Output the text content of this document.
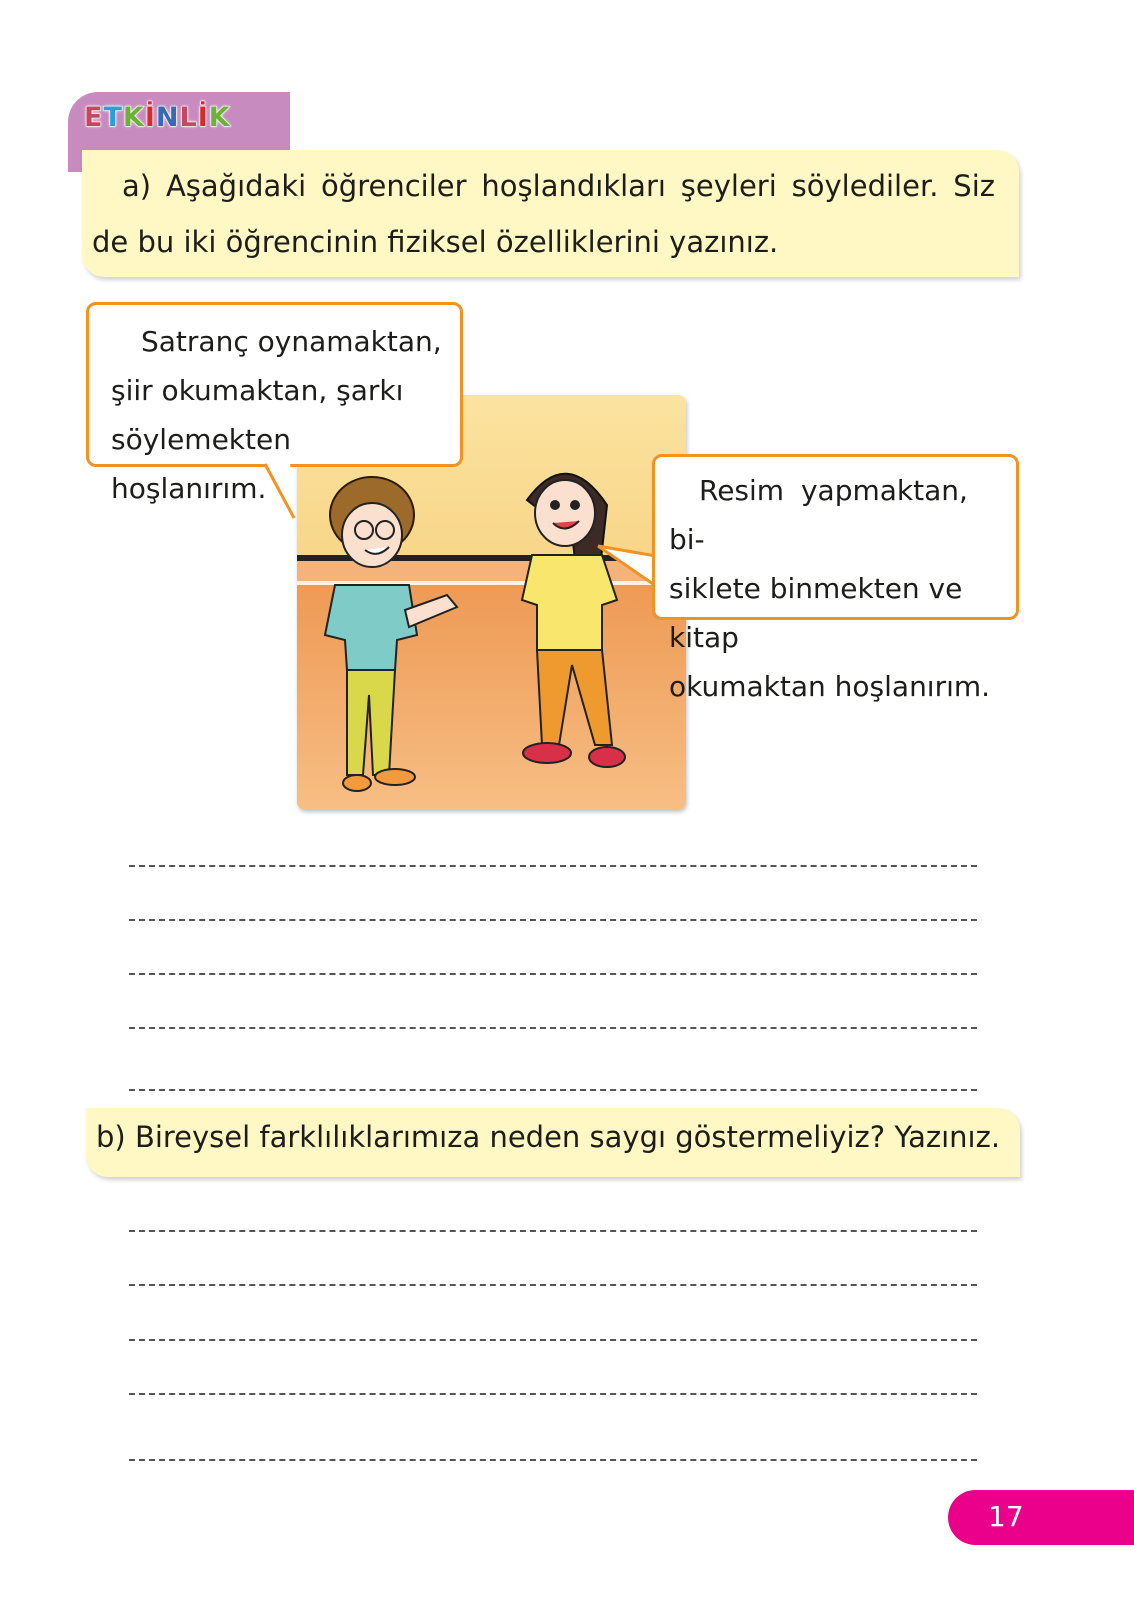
ETKİNLİK

a) Aşağıdaki öğrenciler hoşlandıkları şeyleri söylediler. Siz de bu iki öğrencinin fiziksel özelliklerini yazınız.

Satranç oynamaktan,

şiir okumaktan, şarkı

söylemekten hoşlanırım.	Resim yapmaktan, bi-

siklete binmekten ve kitap

okumaktan hoşlanırım.

b) Bireysel farklılıklarımıza neden saygı göstermeliyiz? Yazınız.

17
